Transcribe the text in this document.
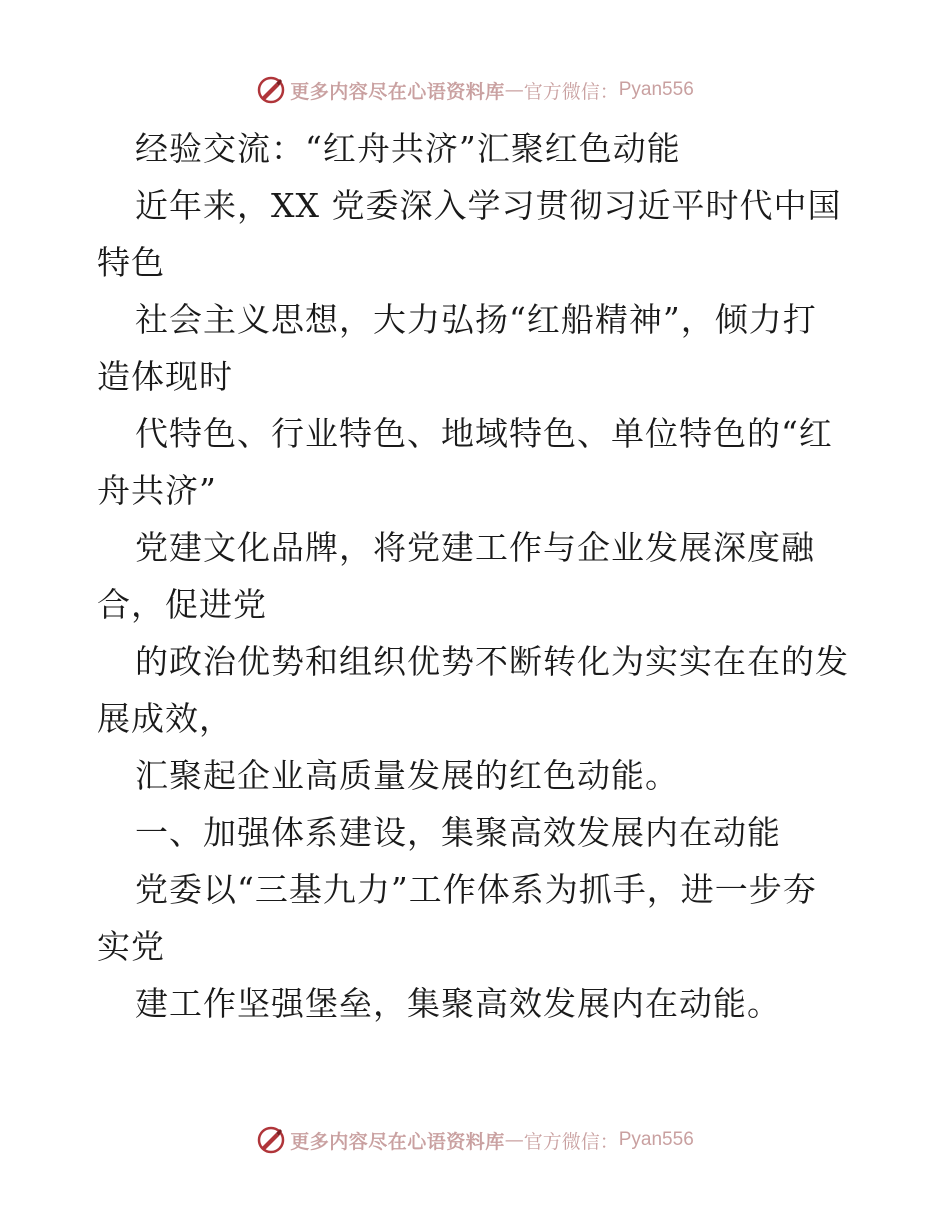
更多内容尽在心语资料库 — 官方微信： Pyan556
经验交流：“红舟共济”汇聚红色动能
近年来，XX 党委深入学习贯彻习近平时代中国
特色
社会主义思想，大力弘扬“红船精神”，倾力打
造体现时
代特色、行业特色、地域特色、单位特色的“红
舟共济”
党建文化品牌，将党建工作与企业发展深度融
合，促进党
的政治优势和组织优势不断转化为实实在在的发
展成效，
汇聚起企业高质量发展的红色动能。
一、加强体系建设，集聚高效发展内在动能
党委以“三基九力”工作体系为抓手，进一步夯
实党
建工作坚强堡垒，集聚高效发展内在动能。
更多内容尽在心语资料库 — 官方微信： Pyan556
